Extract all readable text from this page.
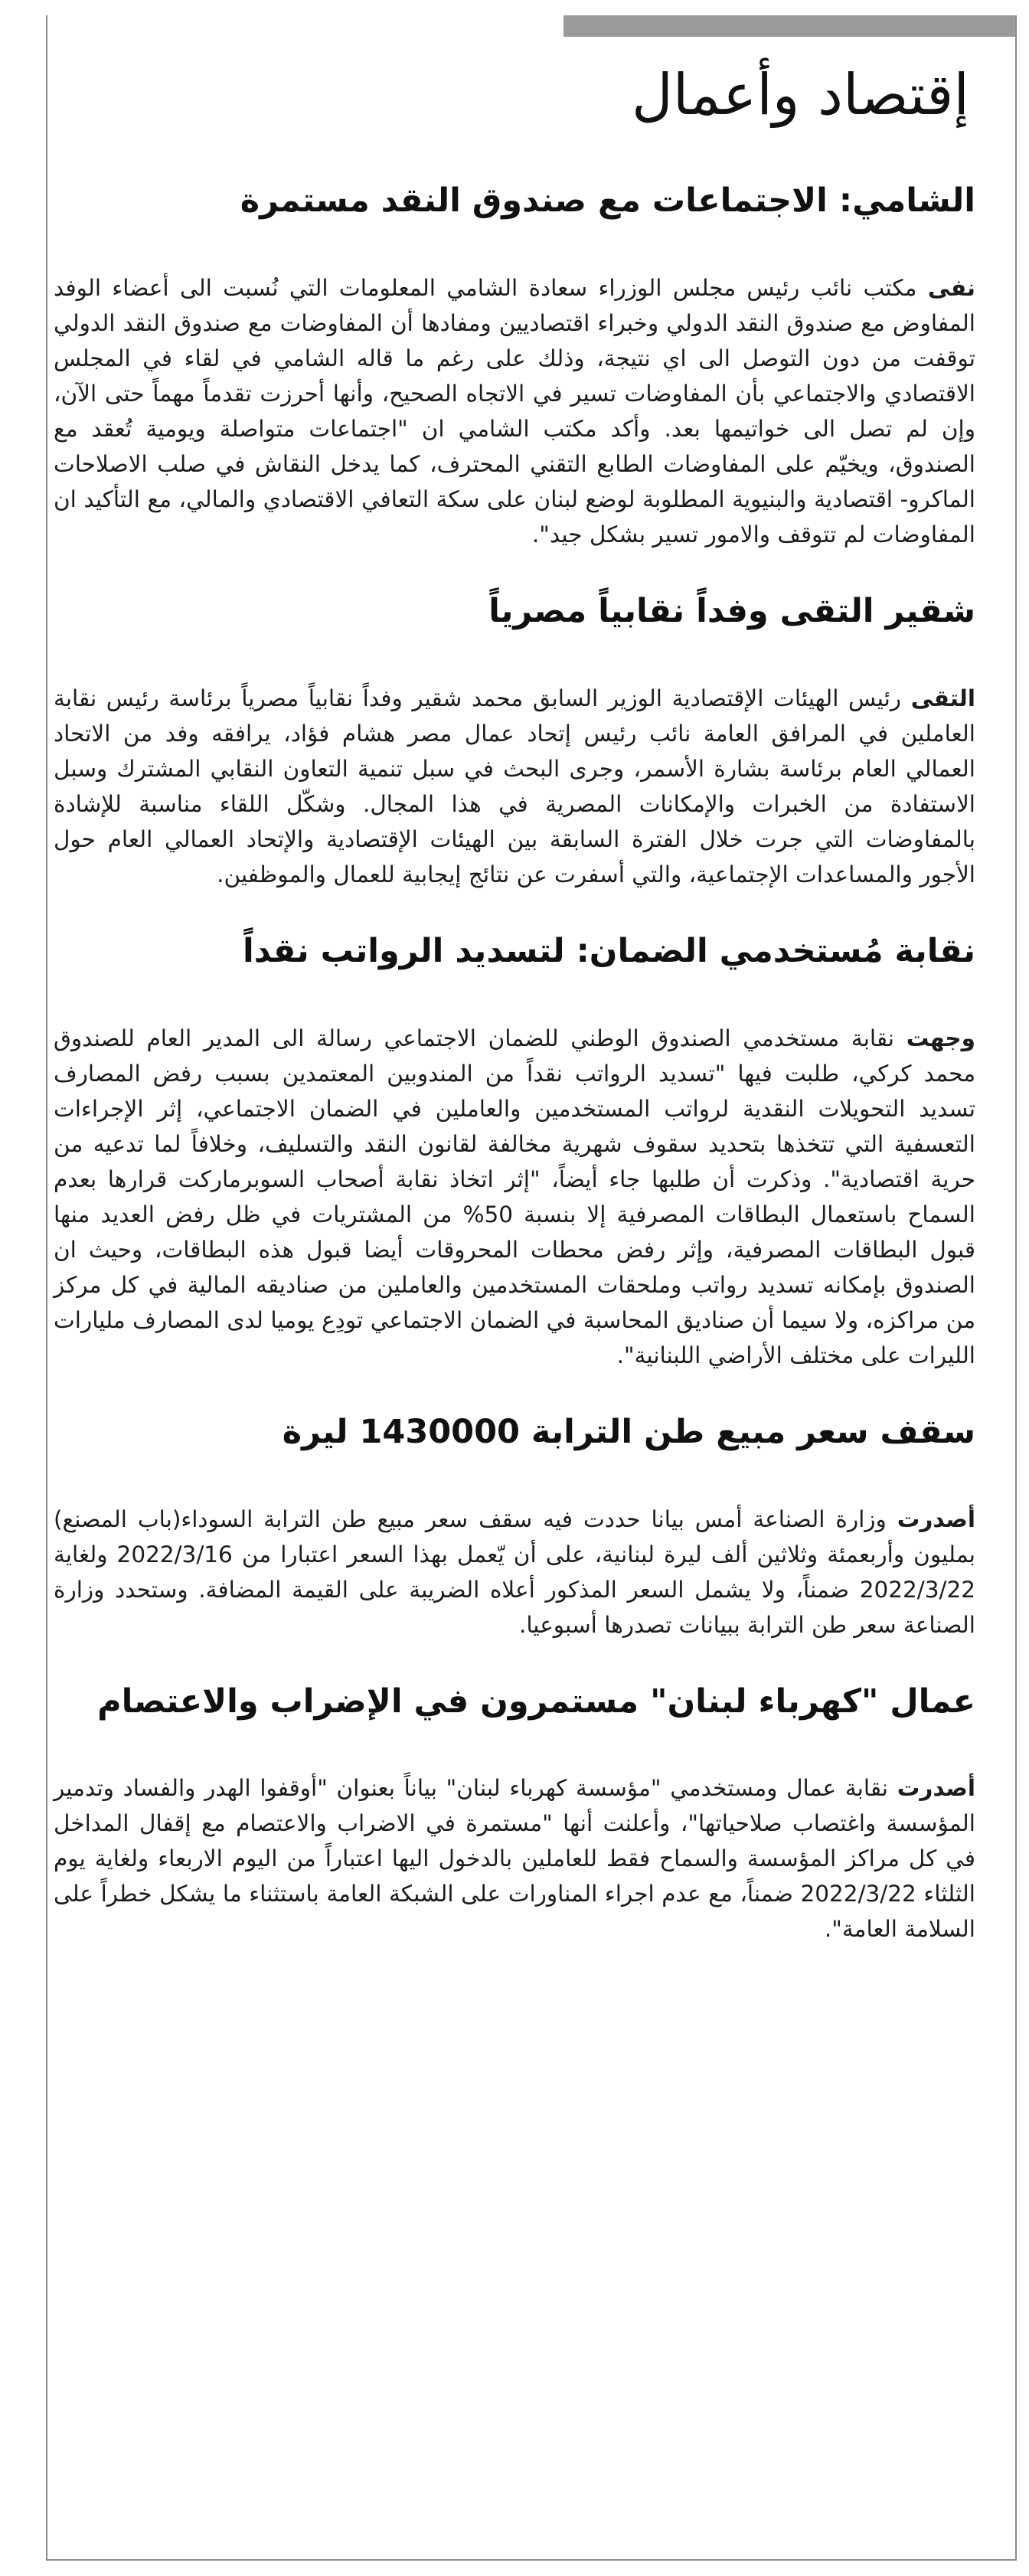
إقتصاد وأعمال
الشامي: الاجتماعات مع صندوق النقد مستمرة

نفى مكتب نائب رئيس مجلس الوزراء سعادة الشامي المعلومات التي نُسبت الى أعضاء الوفد المفاوض مع صندوق النقد الدولي وخبراء اقتصاديين ومفادها أن المفاوضات مع صندوق النقد الدولي توقفت من دون التوصل الى اي نتيجة، وذلك على رغم ما قاله الشامي في لقاء في المجلس الاقتصادي والاجتماعي بأن المفاوضات تسير في الاتجاه الصحيح، وأنها أحرزت تقدماً مهماً حتى الآن، وإن لم تصل الى خواتيمها بعد. وأكد مكتب الشامي ان "اجتماعات متواصلة ويومية تُعقد مع الصندوق، ويخيّم على المفاوضات الطابع التقني المحترف، كما يدخل النقاش في صلب الاصلاحات الماكرو- اقتصادية والبنيوية المطلوبة لوضع لبنان على سكة التعافي الاقتصادي والمالي، مع التأكيد ان المفاوضات لم تتوقف والامور تسير بشكل جيد".

شقير التقى وفداً نقابياً مصرياً

التقى رئيس الهيئات الإقتصادية الوزير السابق محمد شقير وفداً نقابياً مصرياً برئاسة رئيس نقابة العاملين في المرافق العامة نائب رئيس إتحاد عمال مصر هشام فؤاد، يرافقه وفد من الاتحاد العمالي العام برئاسة بشارة الأسمر، وجرى البحث في سبل تنمية التعاون النقابي المشترك وسبل الاستفادة من الخبرات والإمكانات المصرية في هذا المجال. وشكّل اللقاء مناسبة للإشادة بالمفاوضات التي جرت خلال الفترة السابقة بين الهيئات الإقتصادية والإتحاد العمالي العام حول الأجور والمساعدات الإجتماعية، والتي أسفرت عن نتائج إيجابية للعمال والموظفين.

نقابة مُستخدمي الضمان: لتسديد الرواتب نقداً

وجهت نقابة مستخدمي الصندوق الوطني للضمان الاجتماعي رسالة الى المدير العام للصندوق محمد كركي، طلبت فيها "تسديد الرواتب نقداً من المندوبين المعتمدين بسبب رفض المصارف تسديد التحويلات النقدية لرواتب المستخدمين والعاملين في الضمان الاجتماعي، إثر الإجراءات التعسفية التي تتخذها بتحديد سقوف شهرية مخالفة لقانون النقد والتسليف، وخلافاً لما تدعيه من حرية اقتصادية". وذكرت أن طلبها جاء أيضاً، "إثر اتخاذ نقابة أصحاب السوبرماركت قرارها بعدم السماح باستعمال البطاقات المصرفية إلا بنسبة 50% من المشتريات في ظل رفض العديد منها قبول البطاقات المصرفية، وإثر رفض محطات المحروقات أيضا قبول هذه البطاقات، وحيث ان الصندوق بإمكانه تسديد رواتب وملحقات المستخدمين والعاملين من صناديقه المالية في كل مركز من مراكزه، ولا سيما أن صناديق المحاسبة في الضمان الاجتماعي تودِع يوميا لدى المصارف مليارات الليرات على مختلف الأراضي اللبنانية".

سقف سعر مبيع طن الترابة 1430000 ليرة

أصدرت وزارة الصناعة أمس بيانا حددت فيه سقف سعر مبيع طن الترابة السوداء(باب المصنع) بمليون وأربعمئة وثلاثين ألف ليرة لبنانية، على أن يّعمل بهذا السعر اعتبارا من 2022/3/16 ولغاية 2022/3/22 ضمناً، ولا يشمل السعر المذكور أعلاه الضريبة على القيمة المضافة. وستحدد وزارة الصناعة سعر طن الترابة ببيانات تصدرها أسبوعيا.

عمال "كهرباء لبنان" مستمرون في الإضراب والاعتصام

أصدرت نقابة عمال ومستخدمي "مؤسسة كهرباء لبنان" بياناً بعنوان "أوقفوا الهدر والفساد وتدمير المؤسسة واغتصاب صلاحياتها"، وأعلنت أنها "مستمرة في الاضراب والاعتصام مع إقفال المداخل في كل مراكز المؤسسة والسماح فقط للعاملين بالدخول اليها اعتباراً من اليوم الاربعاء ولغاية يوم الثلثاء 2022/3/22 ضمناً، مع عدم اجراء المناورات على الشبكة العامة باستثناء ما يشكل خطراً على السلامة العامة".
